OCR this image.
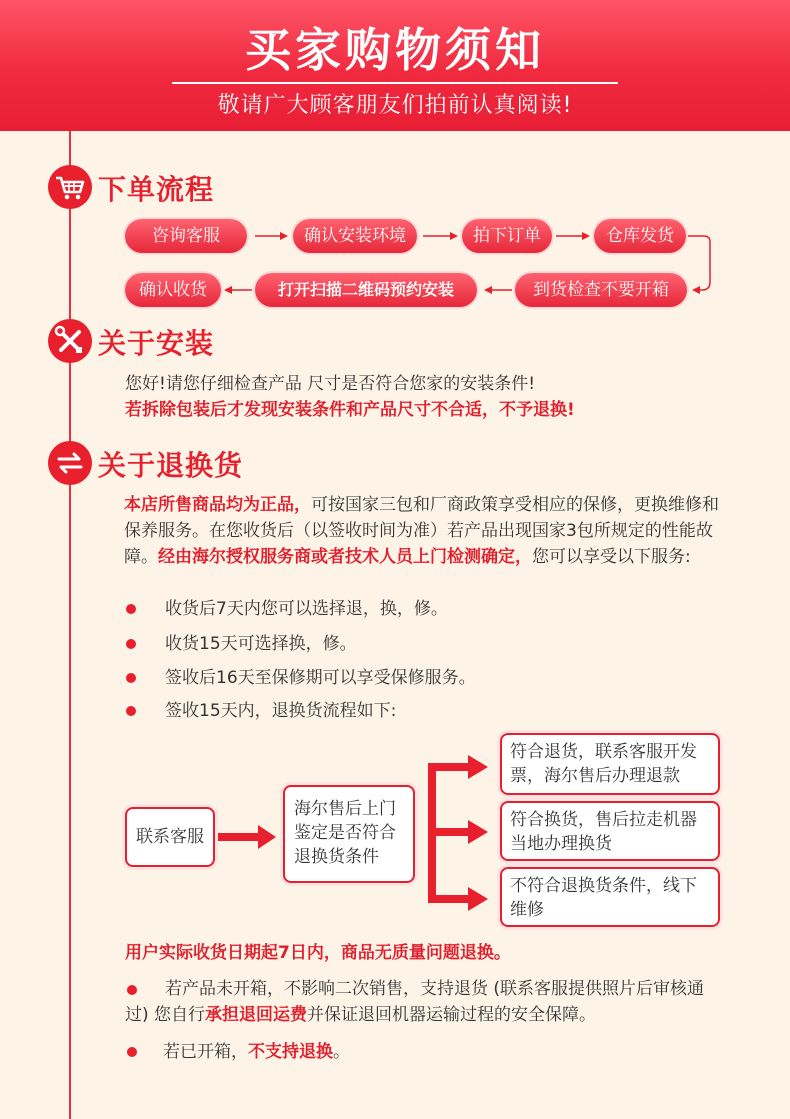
买家购物须知
敬请广大顾客朋友们拍前认真阅读!
下单流程
咨询客服	确认安装环境	拍下订单	仓库发货
到货检查不要开箱
打开扫描二维码预约安装
确认收货
关于安装
您好!请您仔细检查产品 尺寸是否符合您家的安装条件!
若拆除包装后才发现安装条件和产品尺寸不合适，不予退换!
关于退换货
本店所售商品均为正品，可按国家三包和厂商政策享受相应的保修，更换维修和保养服务。在您收货后（以签收时间为准）若产品出现国家3包所规定的性能故障。经由海尔授权服务商或者技术人员上门检测确定，您可以享受以下服务:
收货后7天内您可以选择退，换，修。
收货15天可选择换，修。
签收后16天至保修期可以享受保修服务。
签收15天内，退换货流程如下:
联系客服
海尔售后上门鉴定是否符合退换货条件
符合退货，联系客服开发票，海尔售后办理退款
符合换货，售后拉走机器当地办理换货
不符合退换货条件，线下维修
用户实际收货日期起7日内，商品无质量问题退换。
若产品未开箱，不影响二次销售，支持退货 (联系客服提供照片后审核通过) 您自行承担退回运费并保证退回机器运输过程的安全保障。
若已开箱，不支持退换。
